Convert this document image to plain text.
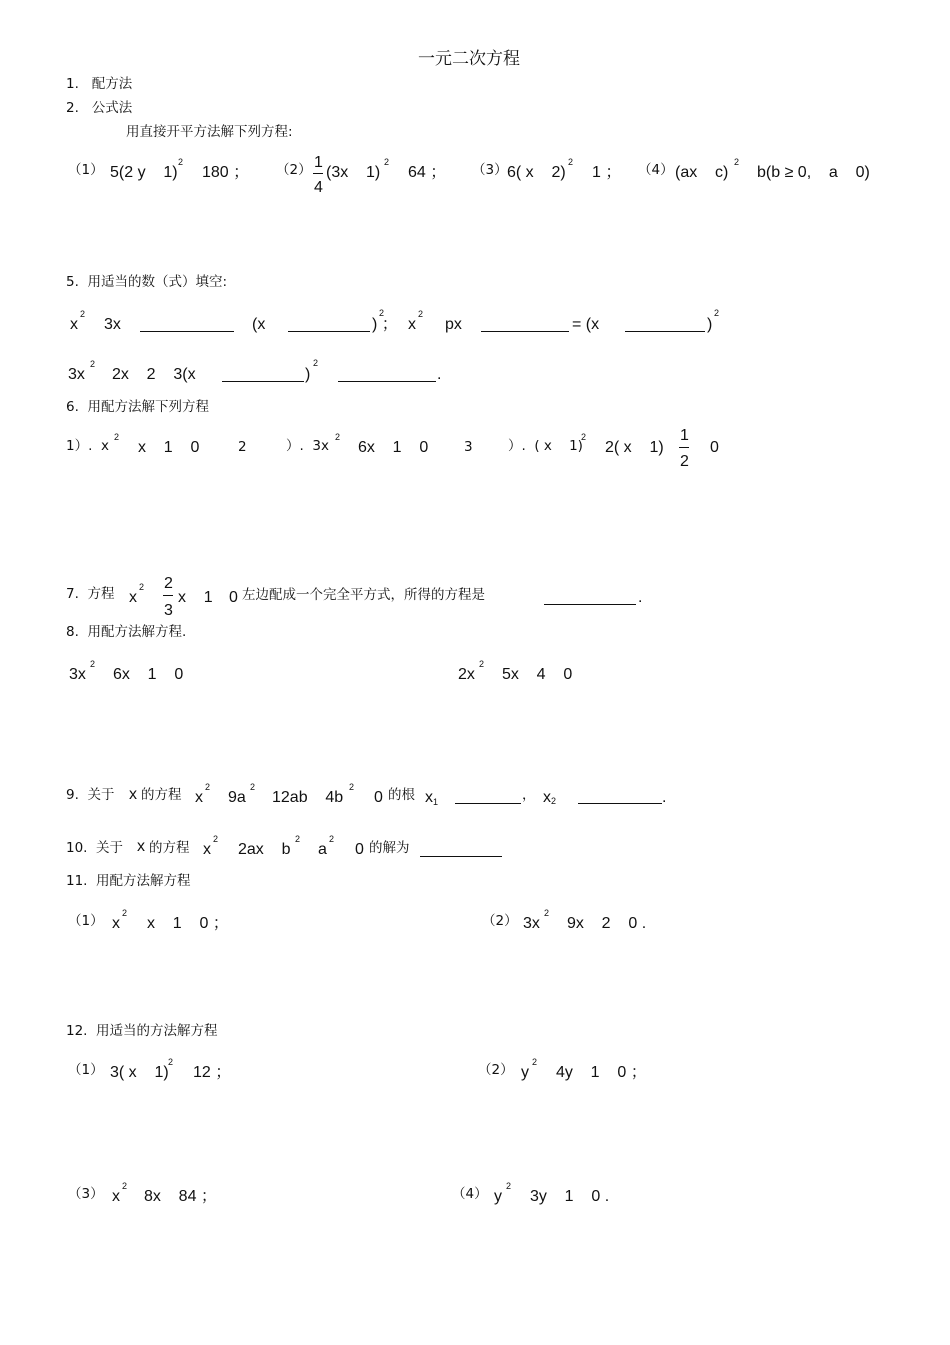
一元二次方程
1.   配方法
2.   公式法
用直接开平方法解下列方程:
（1） 5(2 y    1)
2
180 ； （2） 1
4
(3x    1)
2
64 ； （3） 6( x    2)
2
1 ； （4） (ax    c)
2
b(b ≥ 0,    a    0)
5.  用适当的数（式）填空:
x
2
3x	(x	) ；
2
x
2
px	= (x	)
2
3x
2
2x    2    3(x	)
2
.
6.  用配方法解下列方程
1）.  x
2
x    1    0	2	）.  3x
2
6x    1    0	3	）.  ( x    1)
2
2( x    1)
1
2
0
7.  方程 x
2 2
3
x    1 0 左边配成一个完全平方式，所得的方程是	.
8.  用配方法解方程.
3x
2
6x    1    0	2x
2
5x    4    0
9.  关于 x 的方程 x
2
9a
2
12ab    4b
2
0 的根 x 1	， x 2	.
10.  关于 x 的方程 x
2
2ax    b
2
a
2
0 的解为
11.  用配方法解方程
（1） x
2
x    1    0 ；	（2） 3x
2
9x    2    0 .
12.  用适当的方法解方程
（1） 3( x    1)
2
12 ；	（2） y
2
4y    1    0 ；
（3） x
2
8x    84 ；	（4） y
2
3y    1    0 .
